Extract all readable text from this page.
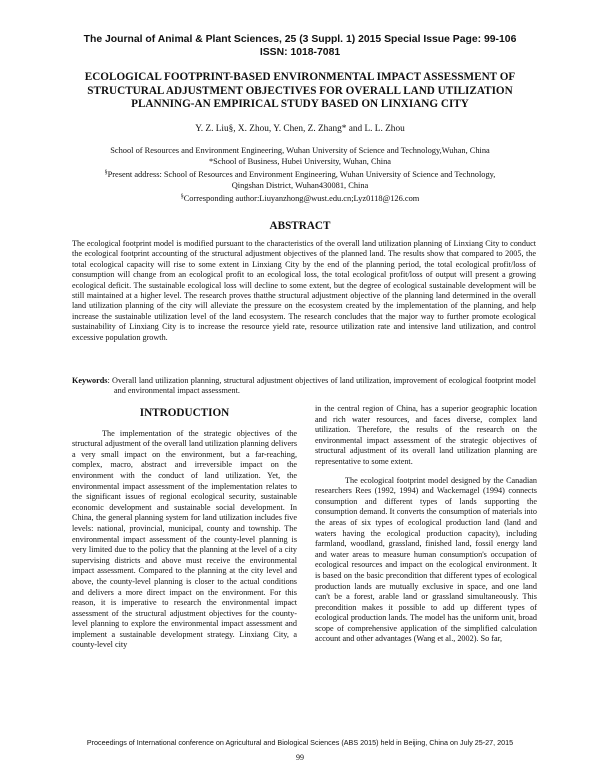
The Journal of Animal & Plant Sciences, 25 (3 Suppl. 1) 2015 Special Issue Page: 99-106
ISSN: 1018-7081
ECOLOGICAL FOOTPRINT-BASED ENVIRONMENTAL IMPACT ASSESSMENT OF
STRUCTURAL ADJUSTMENT OBJECTIVES FOR OVERALL LAND UTILIZATION
PLANNING-AN EMPIRICAL STUDY BASED ON LINXIANG CITY
Y. Z. Liu§, X. Zhou, Y. Chen, Z. Zhang* and L. L. Zhou
School of Resources and Environment Engineering, Wuhan University of Science and Technology,Wuhan, China
*School of Business, Hubei University, Wuhan, China
§Present address: School of Resources and Environment Engineering, Wuhan University of Science and Technology,
Qingshan District, Wuhan430081, China
§Corresponding author:Liuyanzhong@wust.edu.cn;Lyz0118@126.com
ABSTRACT

The ecological footprint model is modified pursuant to the characteristics of the overall land utilization planning of Linxiang City to conduct the ecological footprint accounting of the structural adjustment objectives of the planned land. The results show that compared to 2005, the total ecological capacity will rise to some extent in Linxiang City by the end of the planning period, the total ecological profit/loss of consumption will change from an ecological profit to an ecological loss, the total ecological profit/loss of output will present a growing ecological deficit. The sustainable ecological loss will decline to some extent, but the degree of ecological sustainable development will be still maintained at a higher level. The research proves thatthe structural adjustment objective of the planning land determined in the overall land utilization planning of the city will alleviate the pressure on the ecosystem created by the implementation of the planning, and help increase the sustainable utilization level of the land ecosystem. The research concludes that the major way to further promote ecological sustainability of Linxiang City is to increase the resource yield rate, resource utilization rate and intensive land utilization, and control excessive population growth.

Keywords: Overall land utilization planning, structural adjustment objectives of land utilization, improvement of ecological footprint model and environmental impact assessment.
INTRODUCTION

The implementation of the strategic objectives of the structural adjustment of the overall land utilization planning delivers a very small impact on the environment, but a far-reaching, complex, macro, abstract and irreversible impact on the environment with the conduct of land utilization. Yet, the environmental impact assessment of the implementation relates to the significant issues of regional ecological security, sustainable economic development and sustainable social development. In China, the general planning system for land utilization includes five levels: national, provincial, municipal, county and township. The environmental impact assessment of the county-level planning is very limited due to the policy that the planning at the level of a city supervising districts and above must receive the environmental impact assessment. Compared to the planning at the city level and above, the county-level planning is closer to the actual conditions and delivers a more direct impact on the environment. For this reason, it is imperative to research the environmental impact assessment of the structural adjustment objectives for the county-level planning to explore the environmental impact assessment and implement a sustainable development strategy. Linxiang City, a county-level city

in the central region of China, has a superior geographic location and rich water resources, and faces diverse, complex land utilization. Therefore, the results of the research on the environmental impact assessment of the strategic objectives of structural adjustment of its overall land utilization planning are representative to some extent.

The ecological footprint model designed by the Canadian researchers Rees (1992, 1994) and Wackernagel (1994) connects consumption and different types of lands supporting the consumption demand. It converts the consumption of materials into the areas of six types of ecological production land (land and waters having the ecological production capacity), including farmland, woodland, grassland, finished land, fossil energy land and water areas to measure human consumption's occupation of ecological resources and impact on the ecological environment. It is based on the basic precondition that different types of ecological production lands are mutually exclusive in space, and one land can't be a forest, arable land or grassland simultaneously. This precondition makes it possible to add up different types of ecological production lands. The model has the uniform unit, broad scope of comprehensive application of the simplified calculation account and other advantages (Wang et al., 2002). So far,

Proceedings of International conference on Agricultural and Biological Sciences (ABS 2015) held in Beijing, China on July 25-27, 2015
99
